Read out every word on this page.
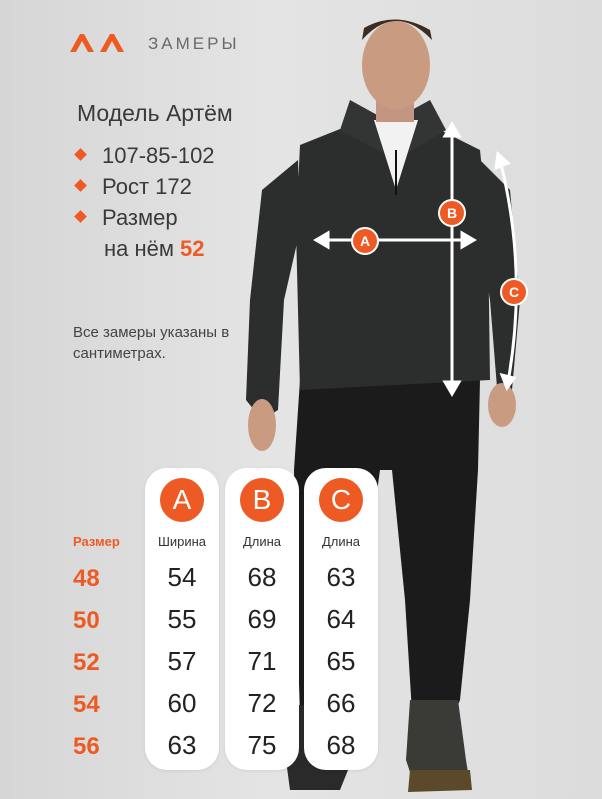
ЗАМЕРЫ
Модель Артём
107-85-102
Рост 172
Размер
на нём 52
Все замеры указаны в сантиметрах.
A
B
C
Размер
48
50
52
54
56
A
Ширина
54
55
57
60
63
B
Длина
68
69
71
72
75
C
Длина
63
64
65
66
68
